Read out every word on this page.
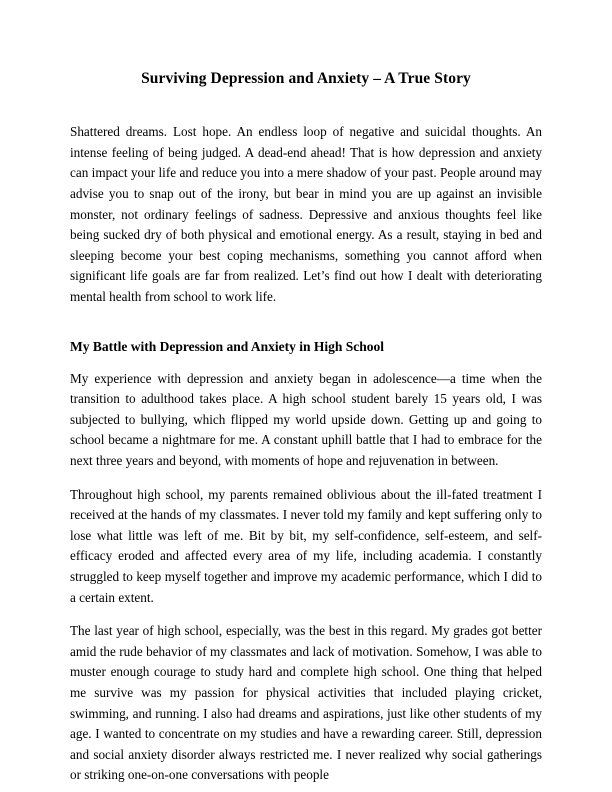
Surviving Depression and Anxiety – A True Story

Shattered dreams. Lost hope. An endless loop of negative and suicidal thoughts. An intense feeling of being judged. A dead-end ahead! That is how depression and anxiety can impact your life and reduce you into a mere shadow of your past. People around may advise you to snap out of the irony, but bear in mind you are up against an invisible monster, not ordinary feelings of sadness. Depressive and anxious thoughts feel like being sucked dry of both physical and emotional energy. As a result, staying in bed and sleeping become your best coping mechanisms, something you cannot afford when significant life goals are far from realized. Let’s find out how I dealt with deteriorating mental health from school to work life.

My Battle with Depression and Anxiety in High School

My experience with depression and anxiety began in adolescence—a time when the transition to adulthood takes place. A high school student barely 15 years old, I was subjected to bullying, which flipped my world upside down. Getting up and going to school became a nightmare for me. A constant uphill battle that I had to embrace for the next three years and beyond, with moments of hope and rejuvenation in between.

Throughout high school, my parents remained oblivious about the ill-fated treatment I received at the hands of my classmates. I never told my family and kept suffering only to lose what little was left of me. Bit by bit, my self-confidence, self-esteem, and self-efficacy eroded and affected every area of my life, including academia. I constantly struggled to keep myself together and improve my academic performance, which I did to a certain extent.

The last year of high school, especially, was the best in this regard. My grades got better amid the rude behavior of my classmates and lack of motivation. Somehow, I was able to muster enough courage to study hard and complete high school. One thing that helped me survive was my passion for physical activities that included playing cricket, swimming, and running. I also had dreams and aspirations, just like other students of my age. I wanted to concentrate on my studies and have a rewarding career. Still, depression and social anxiety disorder always restricted me. I never realized why social gatherings or striking one-on-one conversations with people
